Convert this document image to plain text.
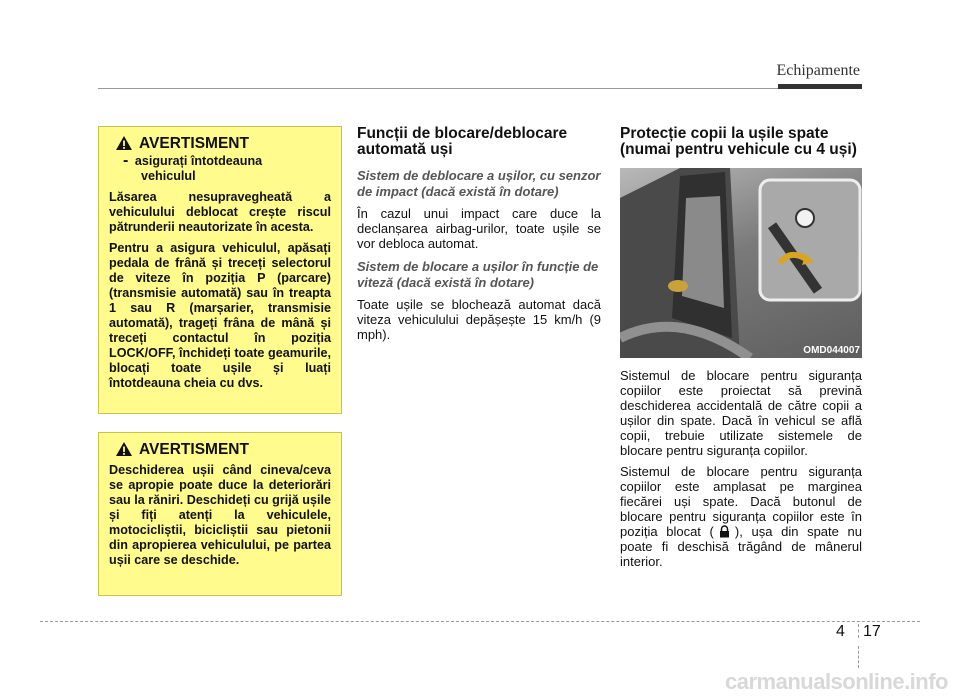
Echipamente
AVERTISMENT
- asigurați întotdeauna
vehiculul

Lăsarea nesupravegheată a vehiculului deblocat crește riscul pătrunderii neautorizate în acesta.

Pentru a asigura vehiculul, apăsați pedala de frână și treceți selectorul de viteze în poziția P (parcare) (transmisie automată) sau în treapta 1 sau R (marșarier, transmisie automată), trageți frâna de mână și treceți contactul în poziția LOCK/OFF, închideți toate geamurile, blocați toate ușile și luați întotdeauna cheia cu dvs.

AVERTISMENT

Deschiderea ușii când cineva/ceva se apropie poate duce la deteriorări sau la răniri. Deschideți cu grijă ușile și fiți atenți la vehiculele, motocicliștii, bicicliștii sau pietonii din apropierea vehiculului, pe partea ușii care se deschide.

Funcții de blocare/deblocare automată uși
Sistem de deblocare a ușilor, cu senzor de impact (dacă există în dotare)

În cazul unui impact care duce la declanșarea airbag-urilor, toate ușile se vor debloca automat.

Sistem de blocare a ușilor în funcție de viteză (dacă există în dotare)

Toate ușile se blochează automat dacă viteza vehiculului depășește 15 km/h (9 mph).

Protecție copii la ușile spate (numai pentru vehicule cu 4 uși)
OMD044007

Sistemul de blocare pentru siguranța copiilor este proiectat să prevină deschiderea accidentală de către copii a ușilor din spate. Dacă în vehicul se află copii, trebuie utilizate sistemele de blocare pentru siguranța copiilor.

Sistemul de blocare pentru siguranța copiilor este amplasat pe marginea fiecărei uși spate. Dacă butonul de blocare pentru siguranța copiilor este în poziția blocat ( ), ușa din spate nu poate fi deschisă trăgând de mânerul interior.

4 17
carmanualsonline.info
